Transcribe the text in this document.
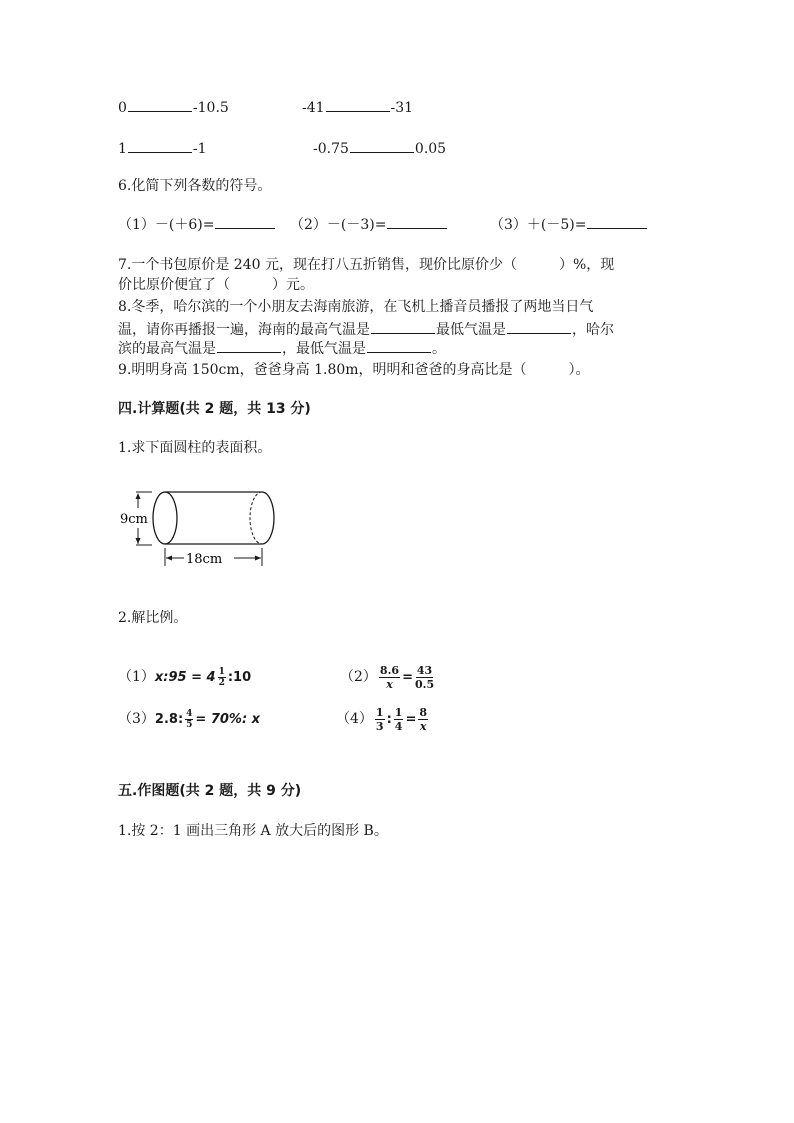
0	-10.5	-41	-31
1	-1	-0.75	0.05
6.化简下列各数的符号。
（1）－(＋6)=	（2）－(－3)=	（3）＋(－5)=
7.一个书包原价是 240 元，现在打八五折销售，现价比原价少（　　　）%，现
价比原价便宜了（　　　）元。
8.冬季，哈尔滨的一个小朋友去海南旅游，在飞机上播音员播报了两地当日气
温，请你再播报一遍，海南的最高气温是	最低气温是	，哈尔
滨的最高气温是	，最低气温是	。
9.明明身高 150cm，爸爸身高 1.80m，明明和爸爸的身高比是（　　　）。
四.计算题(共 2 题，共 13 分)
1.求下面圆柱的表面积。
9cm
18cm
2.解比例。
（1）x:95 = $4 \frac{1}{2}$ :10	$(2) \frac{8.6}{x} = \frac{43}{0.5}$
（3）2.8: $\frac{4}{5} = 70\%$: x	$(4) \frac{1}{3}$ : $\frac{1}{4} = \frac{8}{x}$
五.作图题(共 2 题，共 9 分)
1.按 2：1 画出三角形 A 放大后的图形 B。
